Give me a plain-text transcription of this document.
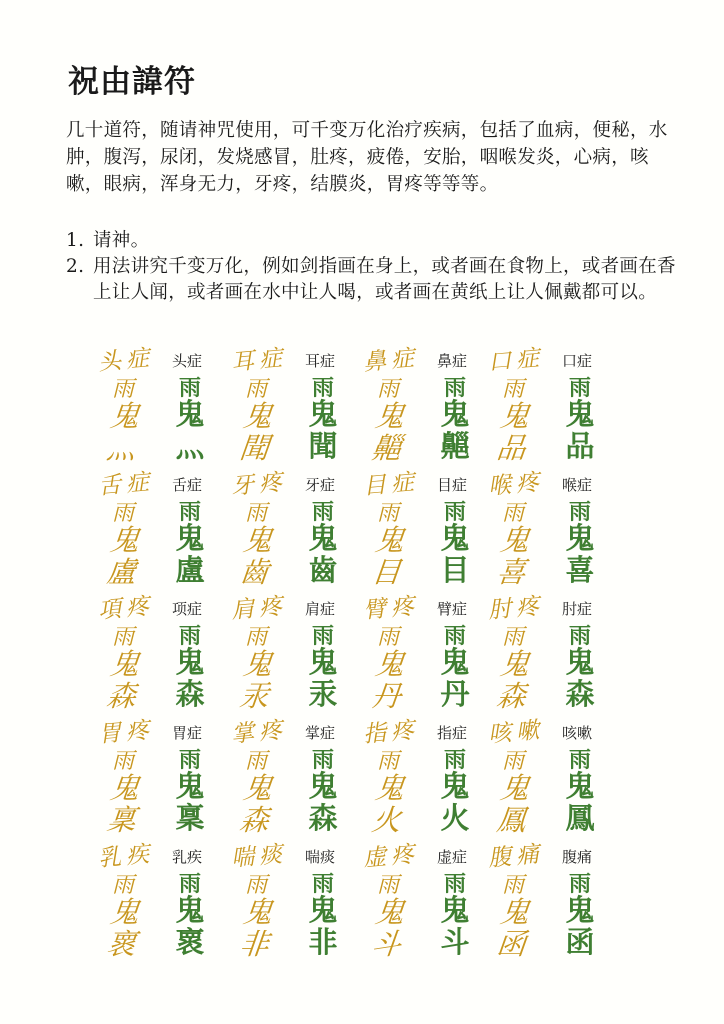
祝由諱符
几十道符，随请神咒使用，可千变万化治疗疾病，包括了血病，便秘，水肿，腹泻，尿闭，发烧感冒，肚疼，疲倦，安胎，咽喉发炎，心病，咳嗽，眼病，浑身无力，牙疼，结膜炎，胃疼等等等。
1. 请神。
2. 用法讲究千变万化，例如剑指画在身上，或者画在食物上，或者画在香上让人闻，或者画在水中让人喝，或者画在黄纸上让人佩戴都可以。
头症 头症
雨
鬼灬
雨
鬼灬
耳症 耳症
雨
鬼聞
雨
鬼聞
鼻症 鼻症
雨
鬼齆
雨
鬼齆
口症 口症
雨
鬼品
雨
鬼品
舌症 舌症
雨
鬼盧
雨
鬼盧
牙疼 牙症
雨
鬼齒
雨
鬼齒
目症 目症
雨
鬼目
雨
鬼目
喉疼 喉症
雨
鬼喜
雨
鬼喜
項疼 项症
雨
鬼森
雨
鬼森
肩疼 肩症
雨
鬼汞
雨
鬼汞
臂疼 臂症
雨
鬼丹
雨
鬼丹
肘疼 肘症
雨
鬼森
雨
鬼森
胃疼 胃症
雨
鬼稟
雨
鬼稟
掌疼 掌症
雨
鬼森
雨
鬼森
指疼 指症
雨
鬼火
雨
鬼火
咳嗽 咳嗽
雨
鬼鳳
雨
鬼鳳
乳疾 乳疾
雨
鬼褱
雨
鬼褱
喘痰 喘痰
雨
鬼非
雨
鬼非
虚疼 虚症
雨
鬼斗
雨
鬼斗
腹痛 腹痛
雨
鬼函
雨
鬼函
